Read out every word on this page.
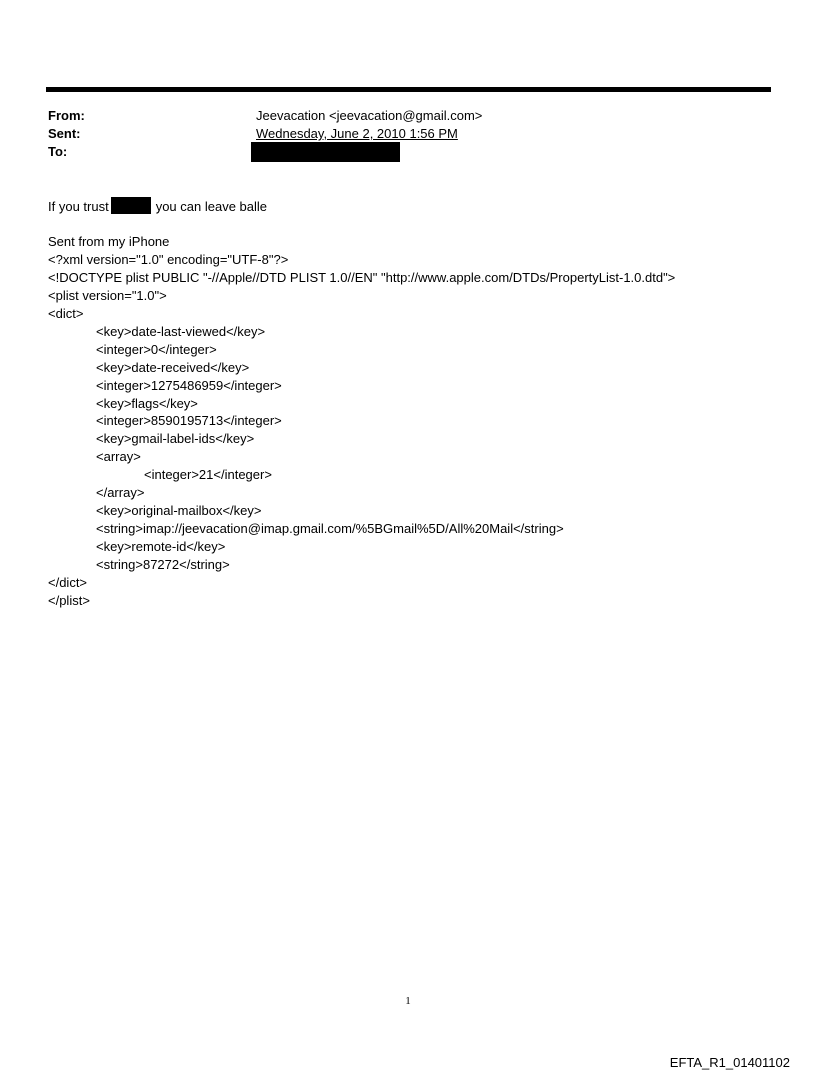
From:	Jeevacation <jeevacation@gmail.com>
Sent:	Wednesday, June 2, 2010 1:56 PM
To:
If you trust	you can leave balle
Sent from my iPhone
<?xml version="1.0" encoding="UTF-8"?>
<!DOCTYPE plist PUBLIC "-//Apple//DTD PLIST 1.0//EN" "http://www.apple.com/DTDs/PropertyList-1.0.dtd">
<plist version="1.0">
<dict>
<key>date-last-viewed</key>
<integer>0</integer>
<key>date-received</key>
<integer>1275486959</integer>
<key>flags</key>
<integer>8590195713</integer>
<key>gmail-label-ids</key>
<array>
<integer>21</integer>
</array>
<key>original-mailbox</key>
<string>imap://jeevacation@imap.gmail.com/%5BGmail%5D/All%20Mail</string>
<key>remote-id</key>
<string>87272</string>
</dict>
</plist>
1
EFTA_R1_01401102
